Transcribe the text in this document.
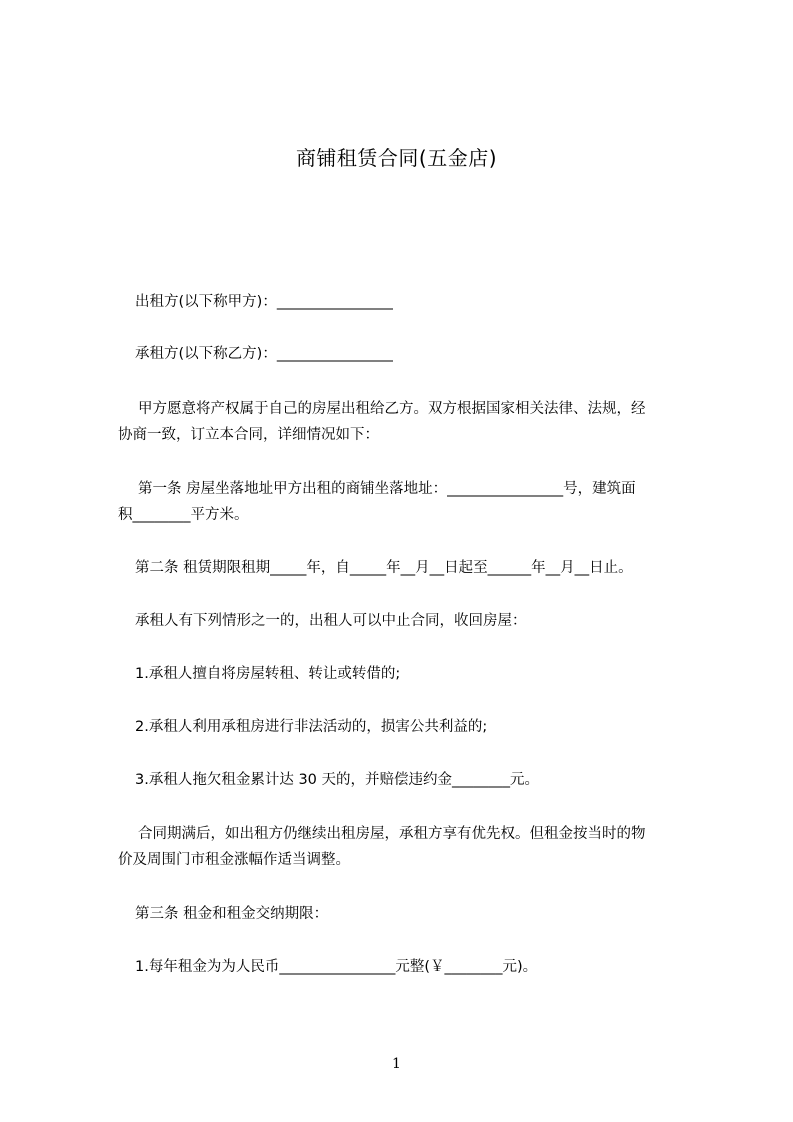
商铺租赁合同(五金店)
出租方(以下称甲方)：________________
承租方(以下称乙方)：________________
甲方愿意将产权属于自己的房屋出租给乙方。双方根据国家相关法律、法规，经
协商一致，订立本合同，详细情况如下：
第一条 房屋坐落地址甲方出租的商铺坐落地址：________________号，建筑面
积________平方米。
第二条 租赁期限租期_____年，自_____年__月__日起至______年__月__日止。
承租人有下列情形之一的，出租人可以中止合同，收回房屋：
1.承租人擅自将房屋转租、转让或转借的;
2.承租人利用承租房进行非法活动的，损害公共利益的;
3.承租人拖欠租金累计达 30 天的，并赔偿违约金________元。
合同期满后，如出租方仍继续出租房屋，承租方享有优先权。但租金按当时的物
价及周围门市租金涨幅作适当调整。
第三条 租金和租金交纳期限：
1.每年租金为为人民币________________元整(￥________元)。
1
